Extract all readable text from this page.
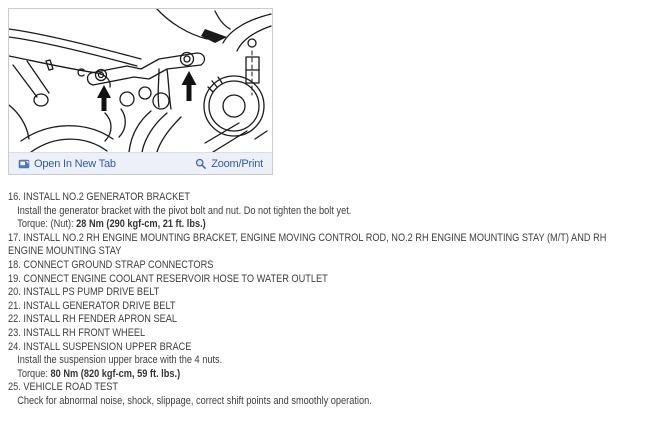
Open In New Tab	Zoom/Print
16. INSTALL NO.2 GENERATOR BRACKET
Install the generator bracket with the pivot bolt and nut. Do not tighten the bolt yet.
Torque: (Nut): 28 Nm (290 kgf-cm, 21 ft. lbs.)
17. INSTALL NO.2 RH ENGINE MOUNTING BRACKET, ENGINE MOVING CONTROL ROD, NO.2 RH ENGINE MOUNTING STAY (M/T) AND RH ENGINE MOUNTING STAY
18. CONNECT GROUND STRAP CONNECTORS
19. CONNECT ENGINE COOLANT RESERVOIR HOSE TO WATER OUTLET
20. INSTALL PS PUMP DRIVE BELT
21. INSTALL GENERATOR DRIVE BELT
22. INSTALL RH FENDER APRON SEAL
23. INSTALL RH FRONT WHEEL
24. INSTALL SUSPENSION UPPER BRACE
Install the suspension upper brace with the 4 nuts.
Torque: 80 Nm (820 kgf-cm, 59 ft. lbs.)
25. VEHICLE ROAD TEST
Check for abnormal noise, shock, slippage, correct shift points and smoothly operation.
